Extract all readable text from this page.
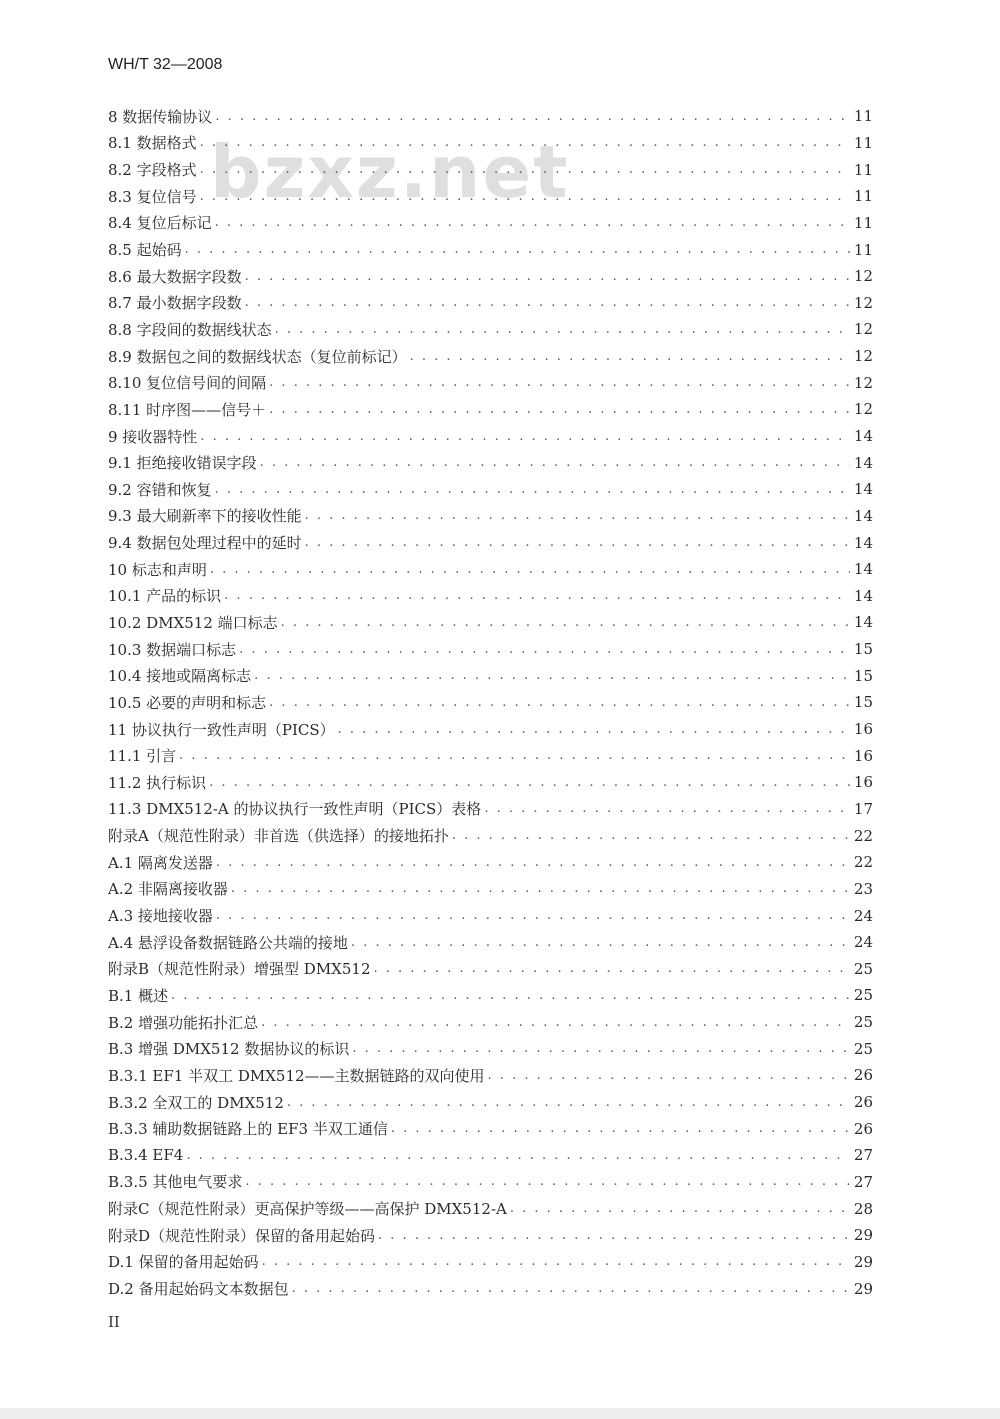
WH/T 32—2008
bzxz.net
8 数据传输协议 . . .	11
8.1 数据格式 . . .	11
8.2 字段格式 . . .	11
8.3 复位信号 . . .	11
8.4 复位后标记 . . .	11
8.5 起始码 . . .	11
8.6 最大数据字段数 . . .	12
8.7 最小数据字段数 . . .	12
8.8 字段间的数据线状态 . . .	12
8.9 数据包之间的数据线状态（复位前标记） . . .	12
8.10 复位信号间的间隔 . . .	12
8.11 时序图——信号＋ . . .	12
9 接收器特性 . . .	14
9.1 拒绝接收错误字段 . . .	14
9.2 容错和恢复 . . .	14
9.3 最大刷新率下的接收性能 . . .	14
9.4 数据包处理过程中的延时 . . .	14
10 标志和声明 . . .	14
10.1 产品的标识 . . .	14
10.2 DMX512 端口标志 . . .	14
10.3 数据端口标志 . . .	15
10.4 接地或隔离标志 . . .	15
10.5 必要的声明和标志 . . .	15
11 协议执行一致性声明（PICS） . . .	16
11.1 引言 . . .	16
11.2 执行标识 . . .	16
11.3 DMX512-A 的协议执行一致性声明（PICS）表格 . . .	17
附录A（规范性附录）非首选（供选择）的接地拓扑 . . .	22
A.1 隔离发送器 . . .	22
A.2 非隔离接收器 . . .	23
A.3 接地接收器 . . .	24
A.4 悬浮设备数据链路公共端的接地 . . .	24
附录B（规范性附录）增强型 DMX512 . . .	25
B.1 概述 . . .	25
B.2 增强功能拓扑汇总 . . .	25
B.3 增强 DMX512 数据协议的标识 . . .	25
B.3.1 EF1 半双工 DMX512——主数据链路的双向使用 . . .	26
B.3.2 全双工的 DMX512 . . .	26
B.3.3 辅助数据链路上的 EF3 半双工通信 . . .	26
B.3.4 EF4 . . .	27
B.3.5 其他电气要求 . . .	27
附录C（规范性附录）更高保护等级——高保护 DMX512-A . . .	28
附录D（规范性附录）保留的备用起始码 . . .	29
D.1 保留的备用起始码 . . .	29
D.2 备用起始码文本数据包 . . .	29
II
